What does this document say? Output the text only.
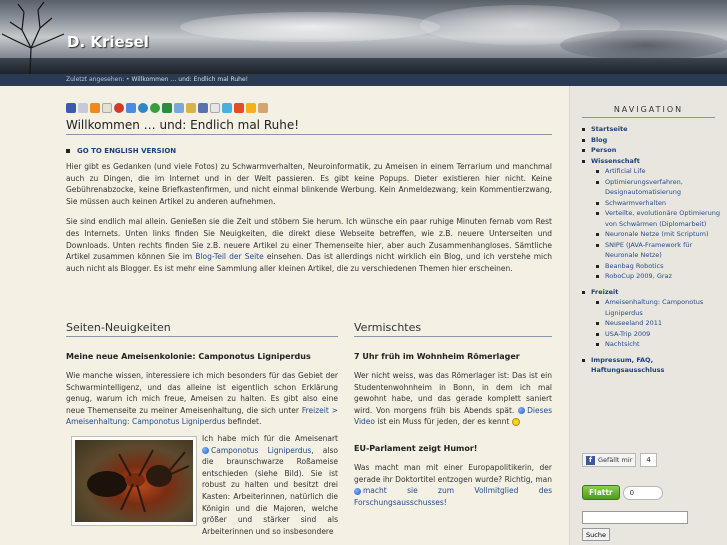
D. Kriesel
Zuletzt angesehen: • Willkommen … und: Endlich mal Ruhe!
Willkommen … und: Endlich mal Ruhe!
GO TO ENGLISH VERSION

Hier gibt es Gedanken (und viele Fotos) zu Schwarmverhalten, Neuroinformatik, zu Ameisen in einem Terrarium und manchmal auch zu Dingen, die im Internet und in der Welt passieren. Es gibt keine Popups. Dieter existieren hier nicht. Keine Gebührenabzocke, keine Briefkastenfirmen, und nicht einmal blinkende Werbung. Kein Anmeldezwang, kein Kommentierzwang, Sie müssen auch keinen Artikel zu anderen aufnehmen.

Sie sind endlich mal allein. Genießen sie die Zeit und stöbern Sie herum. Ich wünsche ein paar ruhige Minuten fernab vom Rest des Internets. Unten links finden Sie Neuigkeiten, die direkt diese Webseite betreffen, wie z.B. neuere Unterseiten und Downloads. Unten rechts finden Sie z.B. neuere Artikel zu einer Themenseite hier, aber auch Zusammenhangloses. Sämtliche Artikel zusammen können Sie im Blog-Teil der Seite einsehen. Das ist allerdings nicht wirklich ein Blog, und ich verstehe mich auch nicht als Blogger. Es ist mehr eine Sammlung aller kleinen Artikel, die zu verschiedenen Themen hier erscheinen.

Seiten-Neuigkeiten
Meine neue Ameisenkolonie: Camponotus Ligniperdus

Wie manche wissen, interessiere ich mich besonders für das Gebiet der Schwarmintelligenz, und das alleine ist eigentlich schon Erklärung genug, warum ich mich freue, Ameisen zu halten. Es gibt also eine neue Themenseite zu meiner Ameisenhaltung, die sich unter Freizeit > Ameisenhaltung: Camponotus Ligniperdus befindet.

Ich habe mich für die Ameisenart Camponotus Ligniperdus, also die braunschwarze Roßameise entschieden (siehe Bild). Sie ist robust zu halten und besitzt drei Kasten: Arbeiterinnen, natürlich die Königin und die Majoren, welche größer und stärker sind als Arbeiterinnen und so insbesondere
Vermischtes
7 Uhr früh im Wohnheim Römerlager

Wer nicht weiss, was das Römerlager ist: Das ist ein Studentenwohnheim in Bonn, in dem ich mal gewohnt habe, und das gerade komplett saniert wird. Von morgens früh bis Abends spät. Dieses Video ist ein Muss für jeden, der es kennt

EU-Parlament zeigt Humor!

Was macht man mit einer Europapolitikerin, der gerade ihr Doktortitel entzogen wurde? Richtig, man macht sie zum Vollmitglied des Forschungsausschusses!

NAVIGATION
Startseite
Blog
Person
Wissenschaft
Artificial Life
Optimierungsverfahren, Designautomatisierung
Schwarmverhalten
Verteilte, evolutionäre Optimierung von Schwärmen (Diplomarbeit)
Neuronale Netze (mit Scriptum)
SNIPE (JAVA-Framework für Neuronale Netze)
Beanbag Robotics
RoboCup 2009, Graz
Freizeit
Ameisenhaltung: Camponotus Ligniperdus
Neuseeland 2011
USA-Trip 2009
Nachtsicht
Impressum, FAQ, Haftungsausschluss
f Gefällt mir	4
Flattr	0
Suche
